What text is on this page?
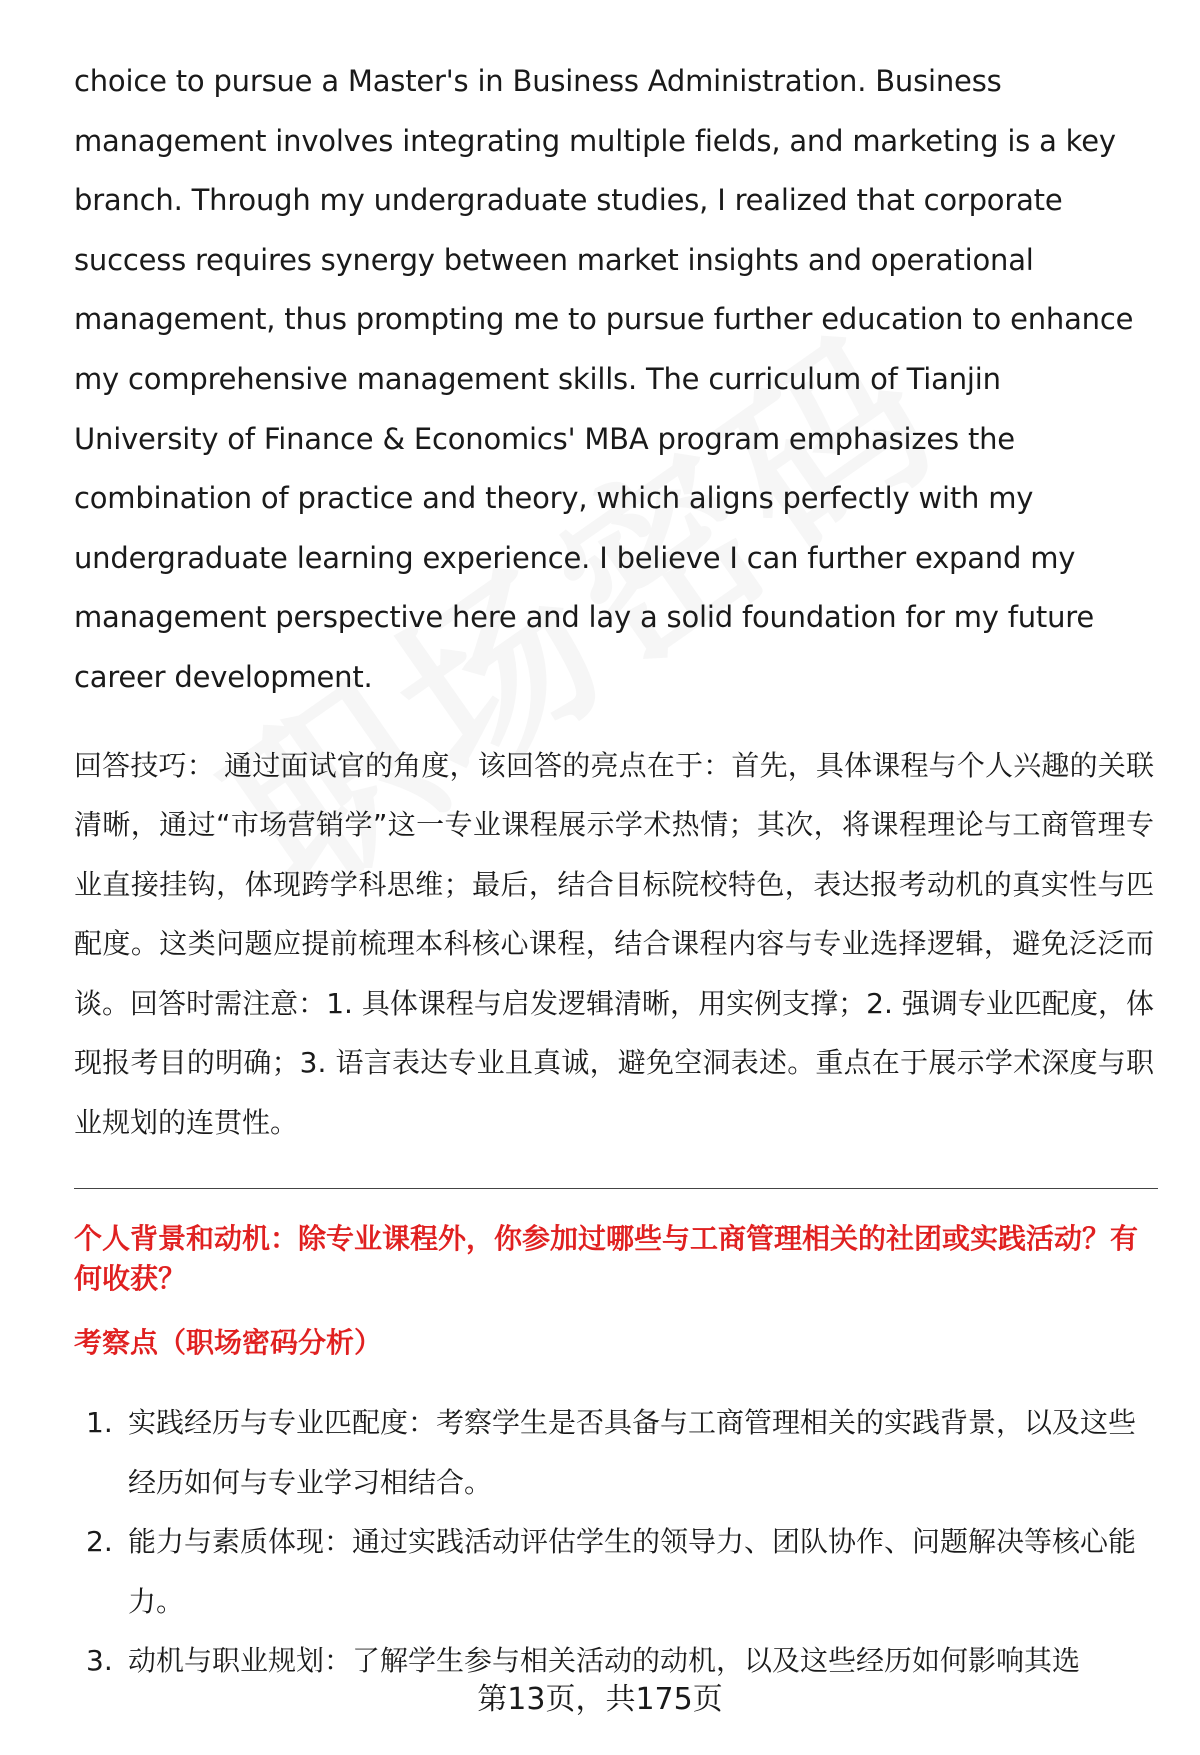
choice to pursue a Master's in Business Administration. Business management involves integrating multiple fields, and marketing is a key branch. Through my undergraduate studies, I realized that corporate success requires synergy between market insights and operational management, thus prompting me to pursue further education to enhance my comprehensive management skills. The curriculum of Tianjin University of Finance & Economics' MBA program emphasizes the combination of practice and theory, which aligns perfectly with my undergraduate learning experience. I believe I can further expand my management perspective here and lay a solid foundation for my future career development.

回答技巧： 通过面试官的角度，该回答的亮点在于：首先，具体课程与个人兴趣的关联清晰，通过“市场营销学”这一专业课程展示学术热情；其次，将课程理论与工商管理专业直接挂钩，体现跨学科思维；最后，结合目标院校特色，表达报考动机的真实性与匹配度。这类问题应提前梳理本科核心课程，结合课程内容与专业选择逻辑，避免泛泛而谈。回答时需注意：1. 具体课程与启发逻辑清晰，用实例支撑；2. 强调专业匹配度，体现报考目的明确；3. 语言表达专业且真诚，避免空洞表述。重点在于展示学术深度与职业规划的连贯性。

个人背景和动机：除专业课程外，你参加过哪些与工商管理相关的社团或实践活动？有何收获？
考察点（职场密码分析）
1. 实践经历与专业匹配度：考察学生是否具备与工商管理相关的实践背景，以及这些经历如何与专业学习相结合。
2. 能力与素质体现：通过实践活动评估学生的领导力、团队协作、问题解决等核心能力。
3. 动机与职业规划：了解学生参与相关活动的动机，以及这些经历如何影响其选
第13页，共175页
